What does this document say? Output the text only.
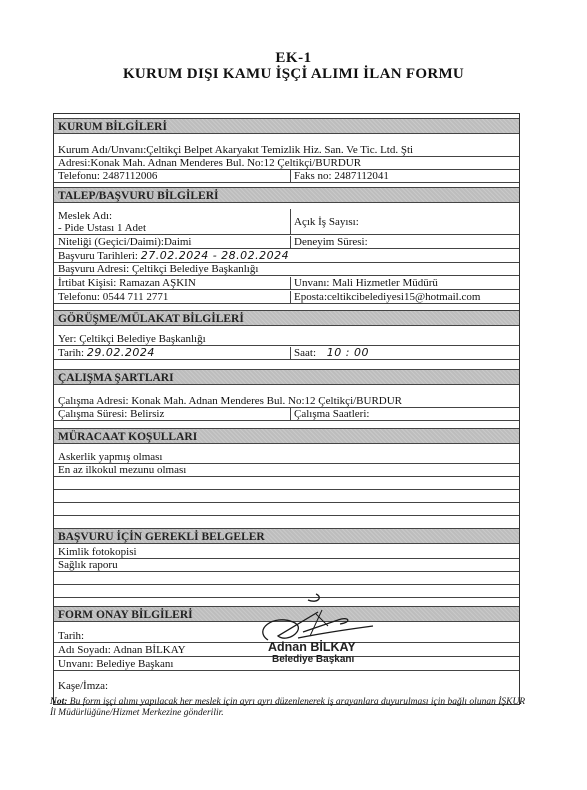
EK-1
KURUM DIŞI KAMU İŞÇİ ALIMI İLAN FORMU
KURUM BİLGİLERİ
Kurum Adı/Unvanı:Çeltikçi Belpet Akaryakıt Temizlik Hiz. San. Ve Tic. Ltd. Şti
Adresi:Konak Mah. Adnan Menderes Bul. No:12 Çeltikçi/BURDUR
Telefonu: 2487112006	Faks no: 2487112041
TALEP/BAŞVURU BİLGİLERİ
Meslek Adı:
- Pide Ustası 1 Adet	Açık İş Sayısı:
Niteliği (Geçici/Daimi):Daimi	Deneyim Süresi:
Başvuru Tarihleri: 27.02.2024 - 28.02.2024
Başvuru Adresi: Çeltikçi Belediye Başkanlığı
İrtibat Kişisi: Ramazan AŞKIN	Unvanı: Mali Hizmetler Müdürü
Telefonu: 0544 711 2771	Eposta:celtikcibelediyesi15@hotmail.com
GÖRÜŞME/MÜLAKAT BİLGİLERİ
Yer: Çeltikçi Belediye Başkanlığı
Tarih: 29.02.2024	Saat: 10 : 00
ÇALIŞMA ŞARTLARI
Çalışma Adresi: Konak Mah. Adnan Menderes Bul. No:12 Çeltikçi/BURDUR
Çalışma Süresi: Belirsiz	Çalışma Saatleri:
MÜRACAAT KOŞULLARI
Askerlik yapmış olması
En az ilkokul mezunu olması
BAŞVURU İÇİN GEREKLİ BELGELER
Kimlik fotokopisi
Sağlık raporu
FORM ONAY BİLGİLERİ
Tarih:
Adı Soyadı: Adnan BİLKAY
Unvanı: Belediye Başkanı
Kaşe/İmza:
Adnan BİLKAY
Belediye Başkanı
Not: Bu form işçi alımı yapılacak her meslek için ayrı ayrı düzenlenerek iş arayanlara duyurulması için bağlı olunan İŞKUR İl Müdürlüğüne/Hizmet Merkezine gönderilir.
